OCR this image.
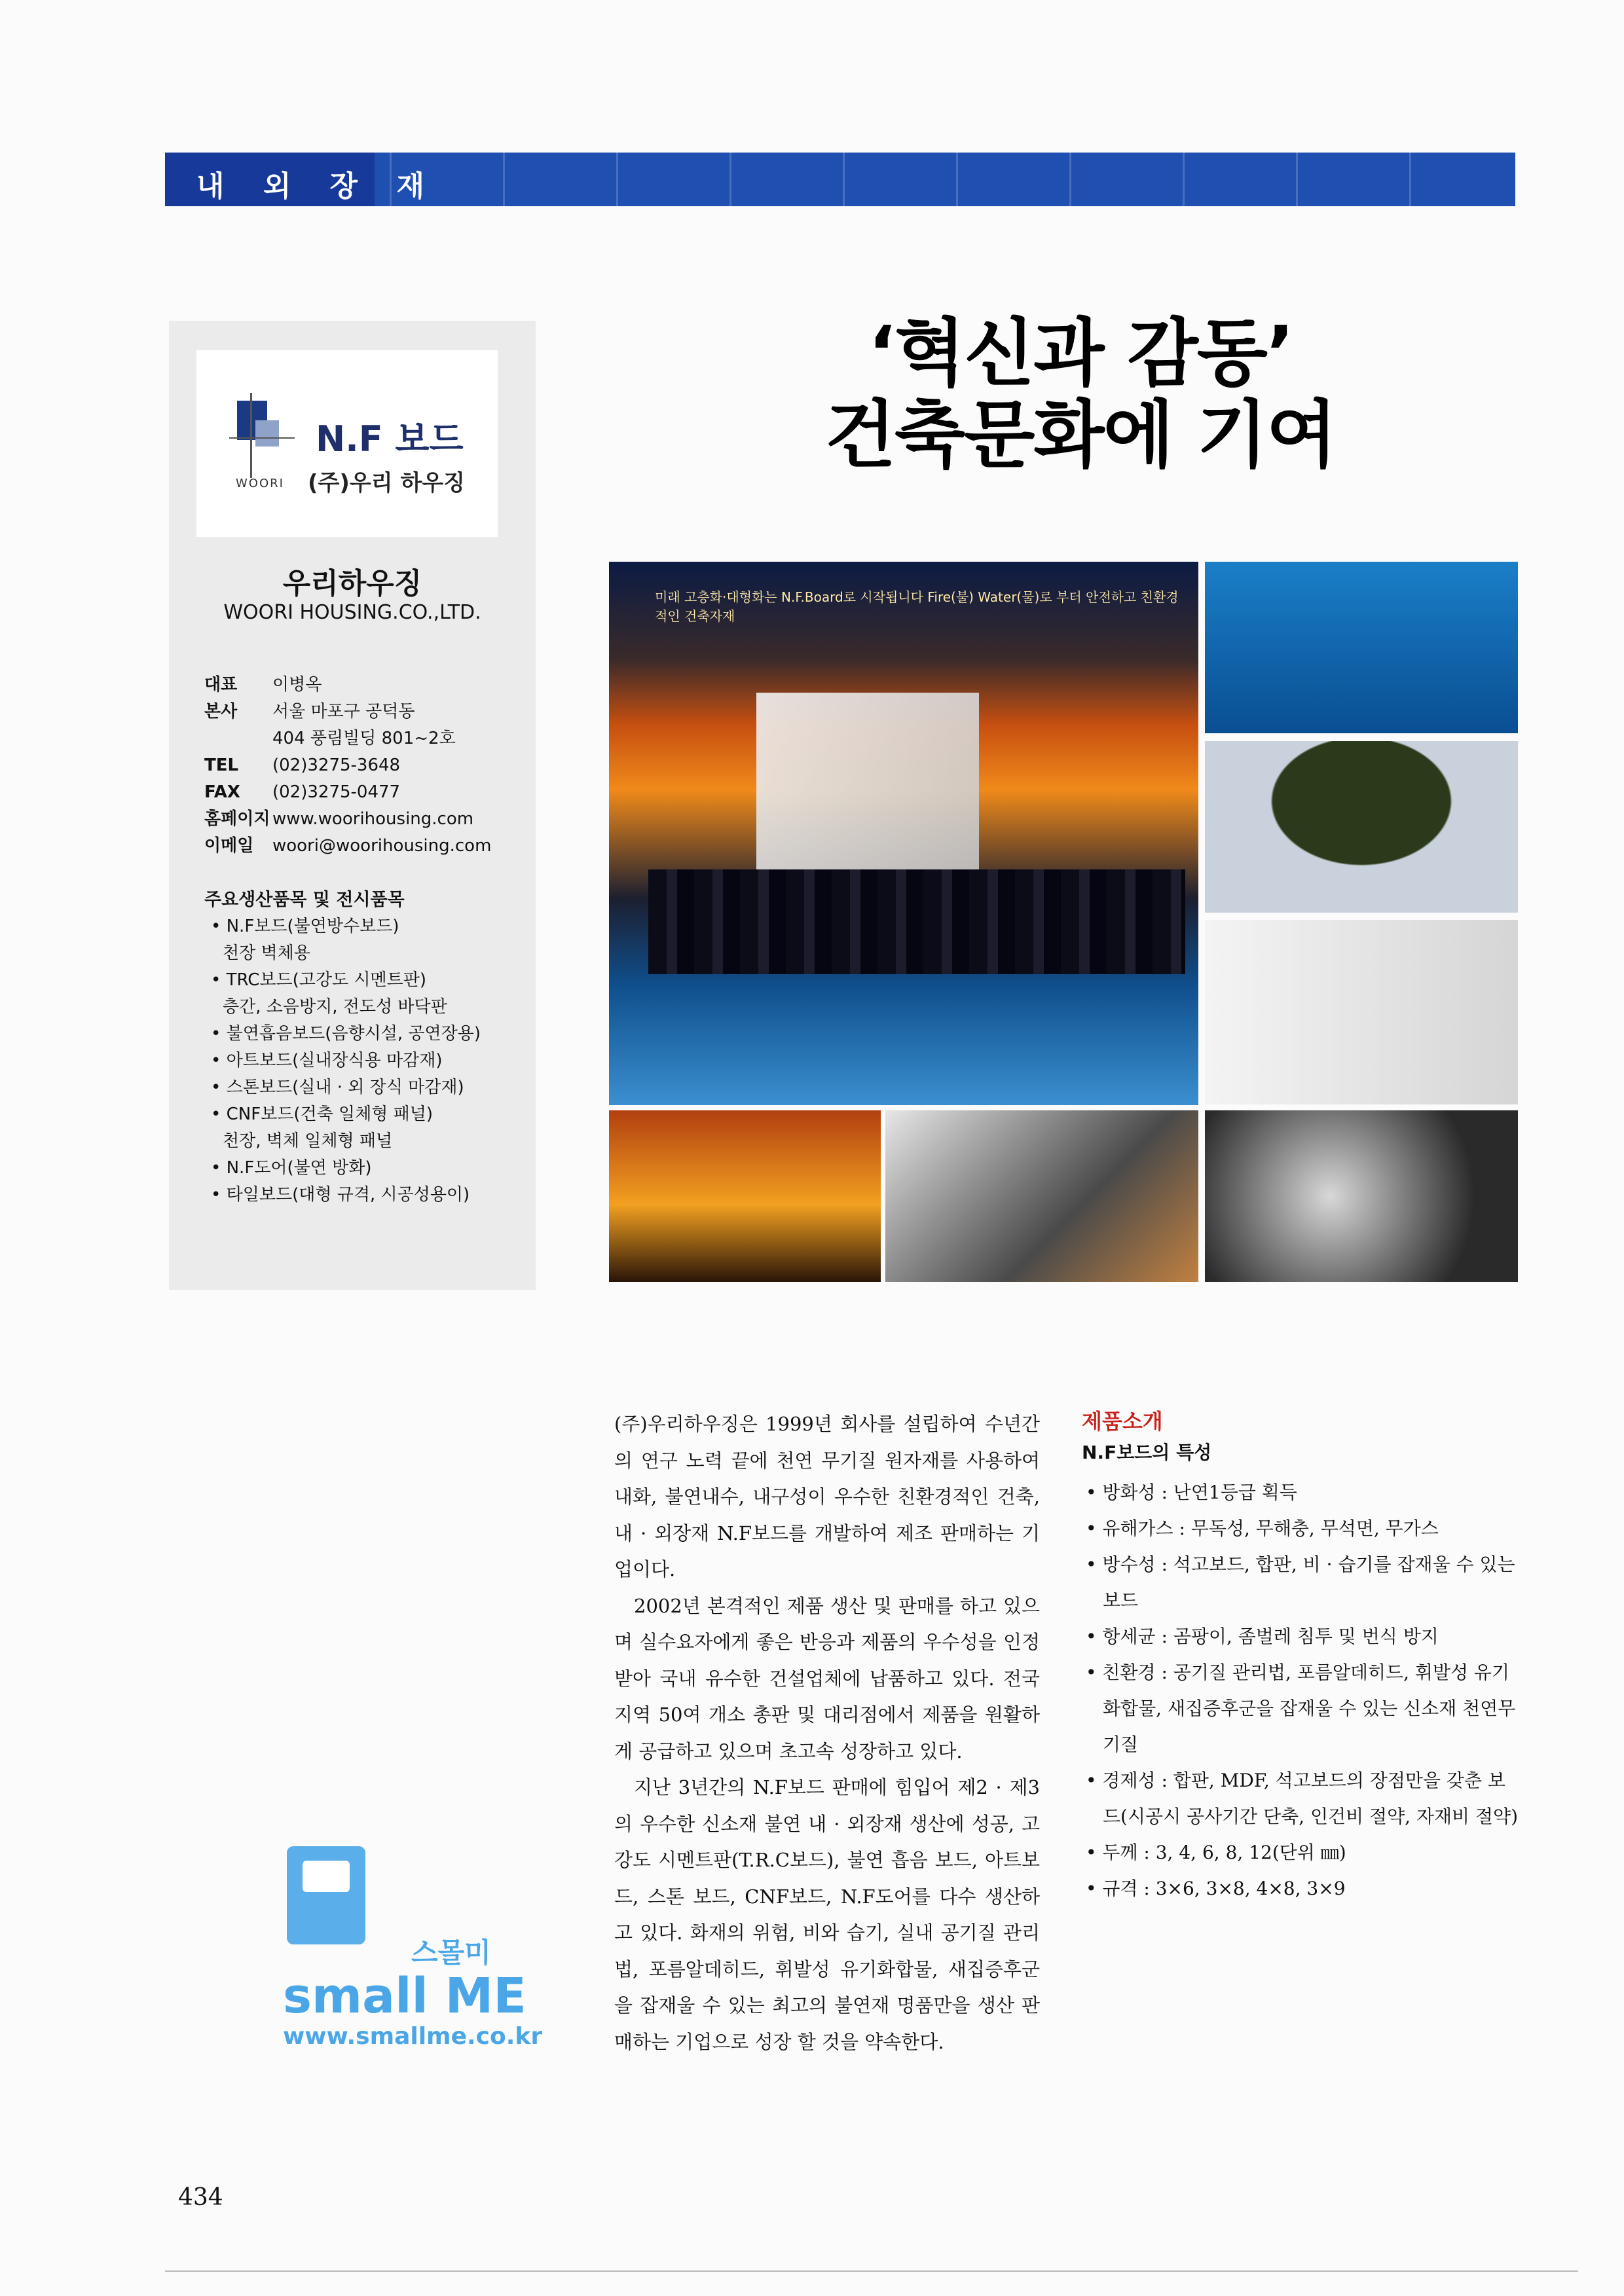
내 외 장 재
WOORI
N.F 보드
(주)우리 하우징
우리하우징
WOORI HOUSING.CO.,LTD.
대표	이병옥
본사	서울 마포구 공덕동
404 풍림빌딩 801~2호
TEL	(02)3275-3648
FAX	(02)3275-0477
홈페이지 www.woorihousing.com
이메일	woori@woorihousing.com
주요생산품목 및 전시품목
• N.F보드(불연방수보드)
천장 벽체용
• TRC보드(고강도 시멘트판)
층간, 소음방지, 전도성 바닥판
• 불연흡음보드(음향시설, 공연장용)
• 아트보드(실내장식용 마감재)
• 스톤보드(실내 · 외 장식 마감재)
• CNF보드(건축 일체형 패널)
천장, 벽체 일체형 패널
• N.F도어(불연 방화)
• 타일보드(대형 규격, 시공성용이)
‘혁신과 감동’
건축문화에 기여
미래 고층화·대형화는 N.F.Board로 시작됩니다 Fire(불) Water(물)로 부터 안전하고 친환경적인 건축자재

(주)우리하우징은 1999년 회사를 설립하여 수년간의 연구 노력 끝에 천연 무기질 원자재를 사용하여 내화, 불연내수, 내구성이 우수한 친환경적인 건축, 내 · 외장재 N.F보드를 개발하여 제조 판매하는 기업이다.

2002년 본격적인 제품 생산 및 판매를 하고 있으며 실수요자에게 좋은 반응과 제품의 우수성을 인정 받아 국내 유수한 건설업체에 납품하고 있다. 전국 지역 50여 개소 총판 및 대리점에서 제품을 원활하게 공급하고 있으며 초고속 성장하고 있다.

지난 3년간의 N.F보드 판매에 힘입어 제2 · 제3의 우수한 신소재 불연 내 · 외장재 생산에 성공, 고강도 시멘트판(T.R.C보드), 불연 흡음 보드, 아트보드, 스톤 보드, CNF보드, N.F도어를 다수 생산하고 있다. 화재의 위험, 비와 습기, 실내 공기질 관리법, 포름알데히드, 휘발성 유기화합물, 새집증후군을 잡재울 수 있는 최고의 불연재 명품만을 생산 판매하는 기업으로 성장 할 것을 약속한다.

제품소개
N.F보드의 특성
• 방화성 : 난연1등급 획득
• 유해가스 : 무독성, 무해충, 무석면, 무가스
• 방수성 : 석고보드, 합판, 비 · 습기를 잡재울 수 있는 보드
• 항세균 : 곰팡이, 좀벌레 침투 및 번식 방지
• 친환경 : 공기질 관리법, 포름알데히드, 휘발성 유기화합물, 새집증후군을 잡재울 수 있는 신소재 천연무기질
• 경제성 : 합판, MDF, 석고보드의 장점만을 갖춘 보드(시공시 공사기간 단축, 인건비 절약, 자재비 절약)
• 두께 : 3, 4, 6, 8, 12(단위 ㎜)
• 규격 : 3×6, 3×8, 4×8, 3×9
스몰미
small ME
www.smallme.co.kr
434
